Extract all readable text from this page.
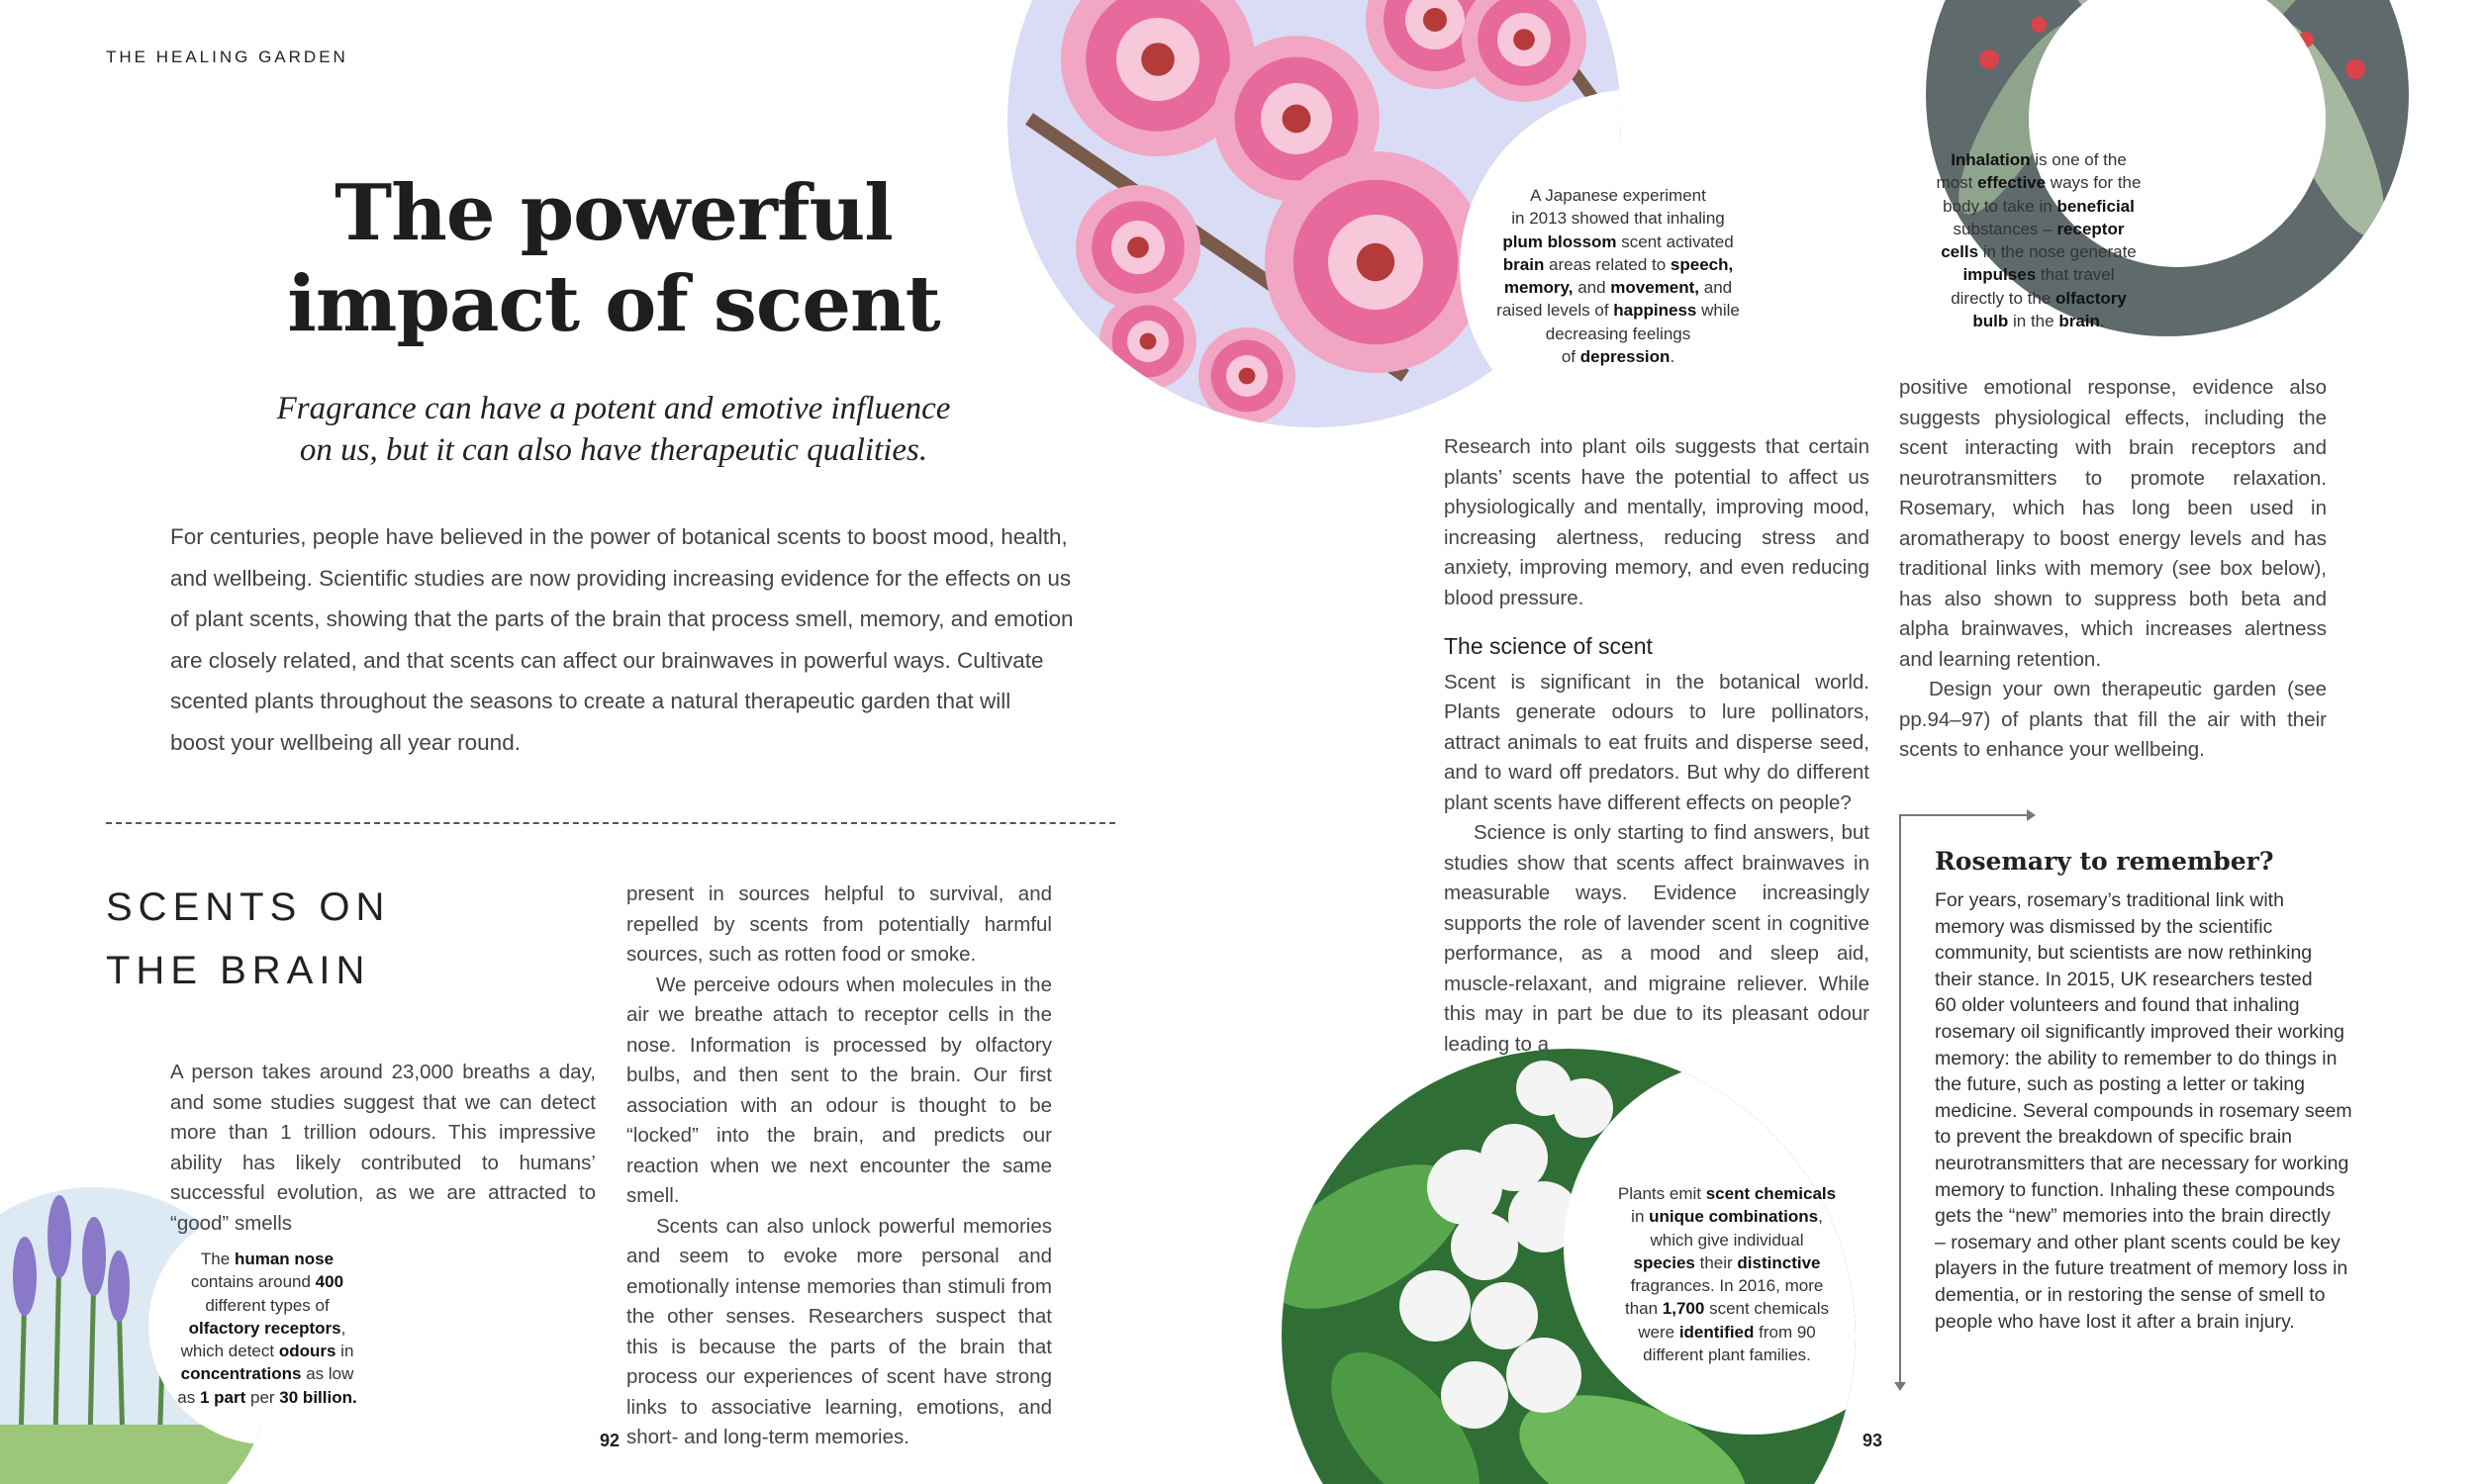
THE HEALING GARDEN
The powerful
impact of scent
Fragrance can have a potent and emotive influence
on us, but it can also have therapeutic qualities.
For centuries, people have believed in the power of botanical scents to boost mood, health,
and wellbeing. Scientific studies are now providing increasing evidence for the effects on us
of plant scents, showing that the parts of the brain that process smell, memory, and emotion
are closely related, and that scents can affect our brainwaves in powerful ways. Cultivate
scented plants throughout the seasons to create a natural therapeutic garden that will
boost your wellbeing all year round.
SCENTS ON
THE BRAIN

A person takes around 23,000 breaths a day, and some studies suggest that we can detect more than 1 trillion odours. This impressive ability has likely contributed to humans’ successful evolution, as we are attracted to “good” smells

present in sources helpful to survival, and repelled by scents from potentially harmful sources, such as rotten food or smoke.

We perceive odours when molecules in the air we breathe attach to receptor cells in the nose. Information is processed by olfactory bulbs, and then sent to the brain. Our first association with an odour is thought to be “locked” into the brain, and predicts our reaction when we next encounter the same smell.

Scents can also unlock powerful memories and seem to evoke more personal and emotionally intense memories than stimuli from the other senses. Researchers suspect that this is because the parts of the brain that process our experiences of scent have strong links to associative learning, emotions, and short- and long-term memories.

The human nose
contains around 400
different types of
olfactory receptors,
which detect odours in
concentrations as low
as 1 part per 30 billion.
92
A Japanese experiment
in 2013 showed that inhaling
plum blossom scent activated
brain areas related to speech,
memory, and movement, and
raised levels of happiness while
decreasing feelings
of depression.
Inhalation is one of the
most effective ways for the
body to take in beneficial
substances – receptor
cells in the nose generate
impulses that travel
directly to the olfactory
bulb in the brain.

Research into plant oils suggests that certain plants’ scents have the potential to affect us physiologically and mentally, improving mood, increasing alertness, reducing stress and anxiety, improving memory, and even reducing blood pressure.

The science of scent

Scent is significant in the botanical world. Plants generate odours to lure pollinators, attract animals to eat fruits and disperse seed, and to ward off predators. But why do different plant scents have different effects on people?

Science is only starting to find answers, but studies show that scents affect brainwaves in measurable ways. Evidence increasingly supports the role of lavender scent in cognitive performance, as a mood and sleep aid, muscle-relaxant, and migraine reliever. While this may in part be due to its pleasant odour leading to a

positive emotional response, evidence also suggests physiological effects, including the scent interacting with brain receptors and neurotransmitters to promote relaxation. Rosemary, which has long been used in aromatherapy to boost energy levels and has traditional links with memory (see box below), has also shown to suppress both beta and alpha brainwaves, which increases alertness and learning retention.

Design your own therapeutic garden (see pp.94–97) of plants that fill the air with their scents to enhance your wellbeing.

Rosemary to remember?
For years, rosemary’s traditional link with
memory was dismissed by the scientific
community, but scientists are now rethinking
their stance. In 2015, UK researchers tested
60 older volunteers and found that inhaling
rosemary oil significantly improved their working
memory: the ability to remember to do things in
the future, such as posting a letter or taking
medicine. Several compounds in rosemary seem
to prevent the breakdown of specific brain
neurotransmitters that are necessary for working
memory to function. Inhaling these compounds
gets the “new” memories into the brain directly
– rosemary and other plant scents could be key
players in the future treatment of memory loss in
dementia, or in restoring the sense of smell to
people who have lost it after a brain injury.
Plants emit scent chemicals
in unique combinations,
which give individual
species their distinctive
fragrances. In 2016, more
than 1,700 scent chemicals
were identified from 90
different plant families.
93
